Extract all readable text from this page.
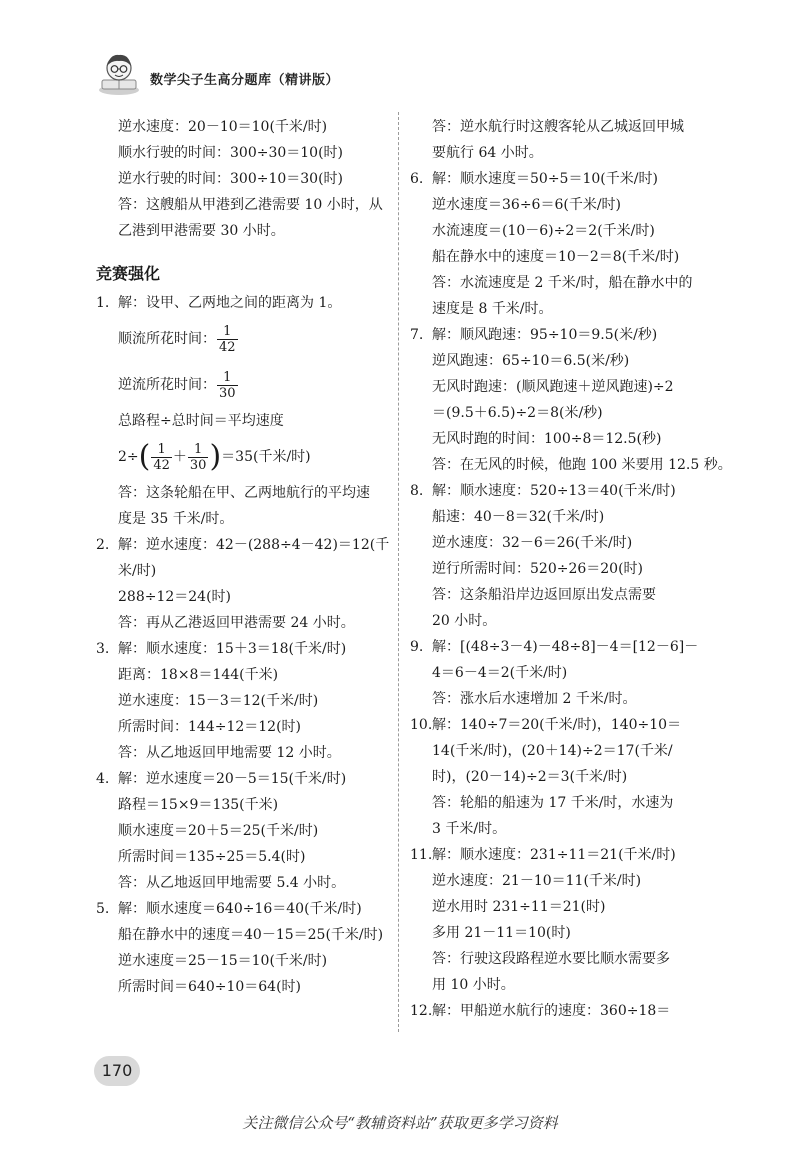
数学尖子生高分题库（精讲版）
逆水速度：20－10＝10(千米/时)
顺水行驶的时间：300÷30＝10(时)
逆水行驶的时间：300÷10＝30(时)
答：这艘船从甲港到乙港需要 10 小时，从
乙港到甲港需要 30 小时。
竞赛强化
1. 解：设甲、乙两地之间的距离为 1。
顺流所花时间： $\frac{1}{42}$
逆流所花时间： $\frac{1}{30}$
总路程÷总时间＝平均速度
2÷ ( $\frac{1}{42} + \frac{1}{30}$ ) ＝35(千米/时)
答：这条轮船在甲、乙两地航行的平均速
度是 35 千米/时。
2. 解：逆水速度：42－(288÷4－42)＝12(千
米/时)
288÷12＝24(时)
答：再从乙港返回甲港需要 24 小时。
3. 解：顺水速度：15＋3＝18(千米/时)
距离：18×8＝144(千米)
逆水速度：15－3＝12(千米/时)
所需时间：144÷12＝12(时)
答：从乙地返回甲地需要 12 小时。
4. 解：逆水速度＝20－5＝15(千米/时)
路程＝15×9＝135(千米)
顺水速度＝20＋5＝25(千米/时)
所需时间＝135÷25＝5.4(时)
答：从乙地返回甲地需要 5.4 小时。
5. 解：顺水速度＝640÷16＝40(千米/时)
船在静水中的速度＝40－15＝25(千米/时)
逆水速度＝25－15＝10(千米/时)
所需时间＝640÷10＝64(时)
答：逆水航行时这艘客轮从乙城返回甲城
要航行 64 小时。
6. 解：顺水速度＝50÷5＝10(千米/时)
逆水速度＝36÷6＝6(千米/时)
水流速度＝(10－6)÷2＝2(千米/时)
船在静水中的速度＝10－2＝8(千米/时)
答：水流速度是 2 千米/时，船在静水中的
速度是 8 千米/时。
7. 解：顺风跑速：95÷10＝9.5(米/秒)
逆风跑速：65÷10＝6.5(米/秒)
无风时跑速：(顺风跑速＋逆风跑速)÷2
＝(9.5＋6.5)÷2＝8(米/秒)
无风时跑的时间：100÷8＝12.5(秒)
答：在无风的时候，他跑 100 米要用 12.5 秒。
8. 解：顺水速度：520÷13＝40(千米/时)
船速：40－8＝32(千米/时)
逆水速度：32－6＝26(千米/时)
逆行所需时间：520÷26＝20(时)
答：这条船沿岸边返回原出发点需要
20 小时。
9. 解：[(48÷3－4)－48÷8]－4＝[12－6]－
4＝6－4＝2(千米/时)
答：涨水后水速增加 2 千米/时。
10.解：140÷7＝20(千米/时)，140÷10＝
14(千米/时)，(20＋14)÷2＝17(千米/
时)，(20－14)÷2＝3(千米/时)
答：轮船的船速为 17 千米/时，水速为
3 千米/时。
11.解：顺水速度：231÷11＝21(千米/时)
逆水速度：21－10＝11(千米/时)
逆水用时 231÷11＝21(时)
多用 21－11＝10(时)
答：行驶这段路程逆水要比顺水需要多
用 10 小时。
12.解：甲船逆水航行的速度：360÷18＝
170
关注微信公众号“教辅资料站”获取更多学习资料
